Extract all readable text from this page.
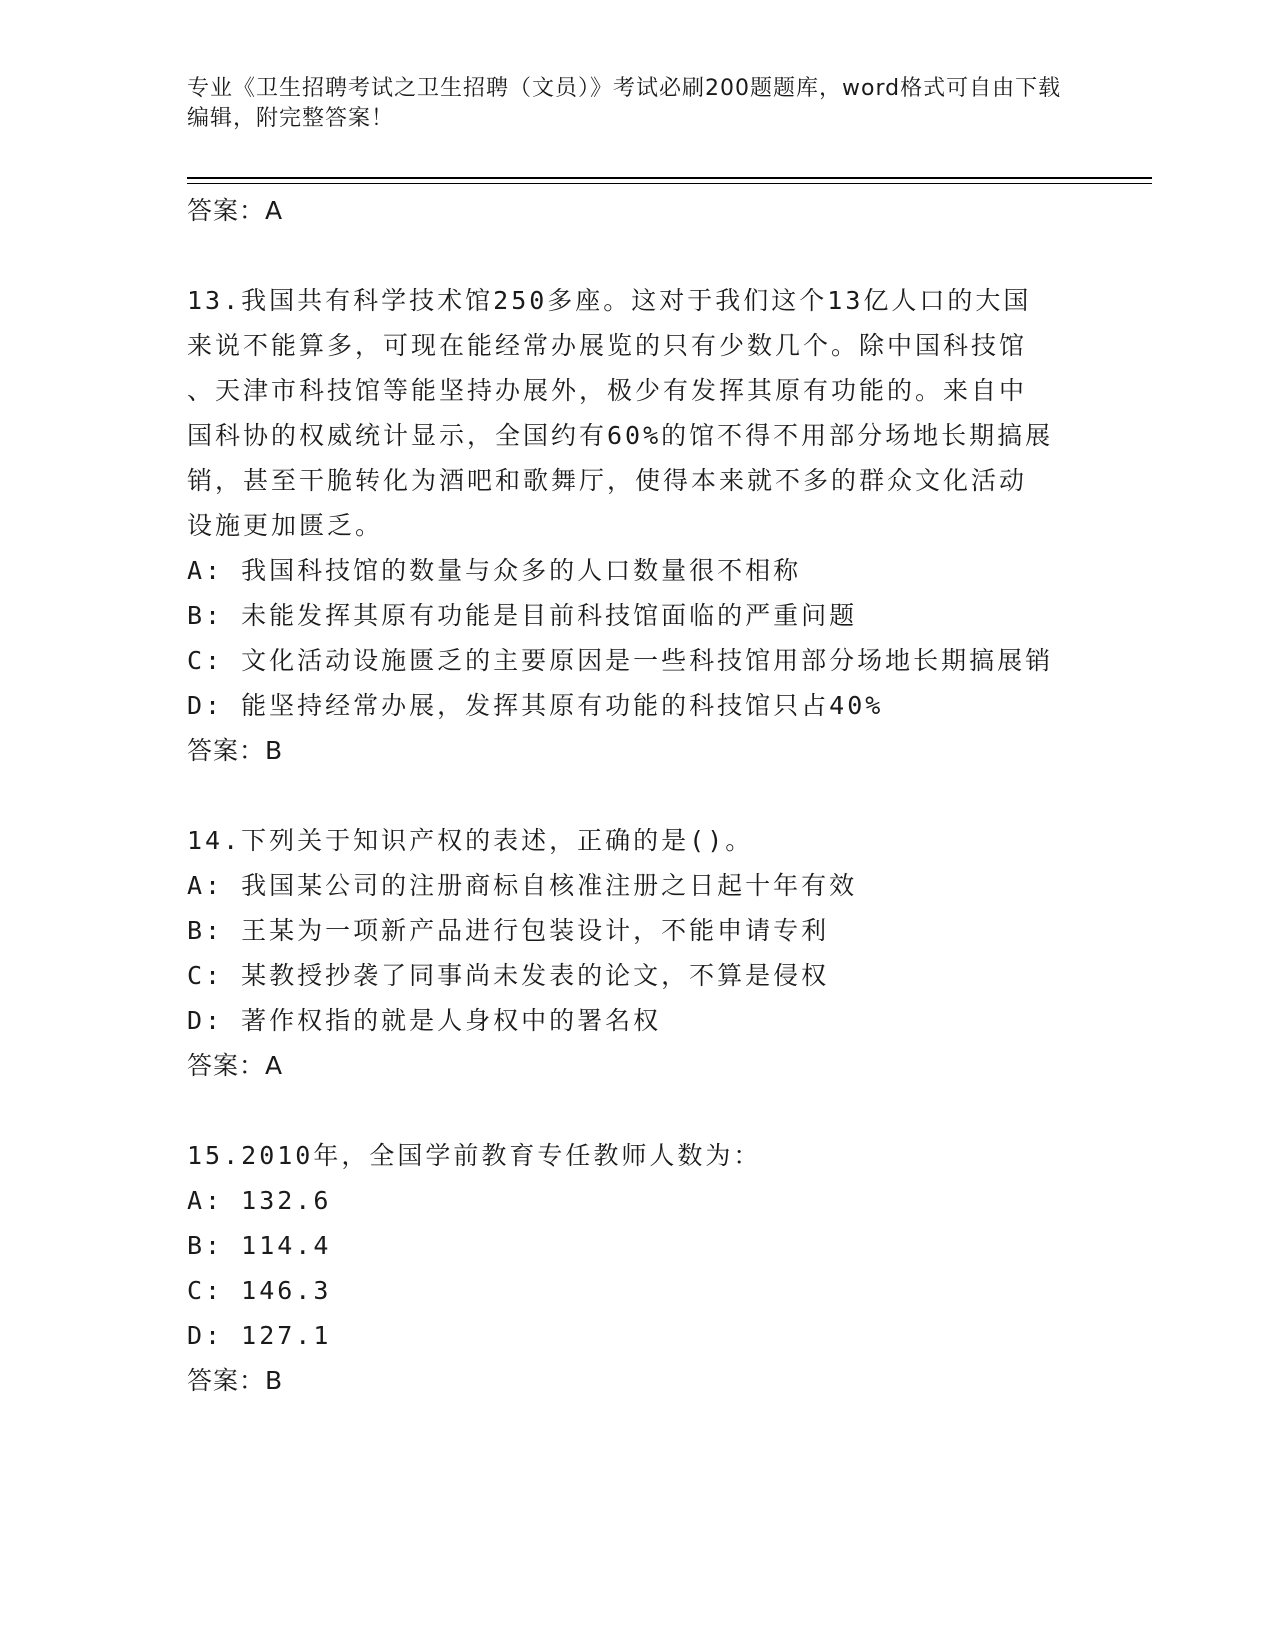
专业《卫生招聘考试之卫生招聘（文员）》考试必刷200题题库，word格式可自由下载编辑，附完整答案！
答案：A
13.我国共有科学技术馆250多座。这对于我们这个13亿人口的大国
来说不能算多，可现在能经常办展览的只有少数几个。除中国科技馆
、天津市科技馆等能坚持办展外，极少有发挥其原有功能的。来自中
国科协的权威统计显示，全国约有60%的馆不得不用部分场地长期搞展
销，甚至干脆转化为酒吧和歌舞厅，使得本来就不多的群众文化活动
设施更加匮乏。
A: 我国科技馆的数量与众多的人口数量很不相称
B: 未能发挥其原有功能是目前科技馆面临的严重问题
C: 文化活动设施匮乏的主要原因是一些科技馆用部分场地长期搞展销
D: 能坚持经常办展，发挥其原有功能的科技馆只占40%
答案：B
14.下列关于知识产权的表述，正确的是()。
A: 我国某公司的注册商标自核准注册之日起十年有效
B: 王某为一项新产品进行包装设计，不能申请专利
C: 某教授抄袭了同事尚未发表的论文，不算是侵权
D: 著作权指的就是人身权中的署名权
答案：A
15.2010年，全国学前教育专任教师人数为：
A: 132.6
B: 114.4
C: 146.3
D: 127.1
答案：B
